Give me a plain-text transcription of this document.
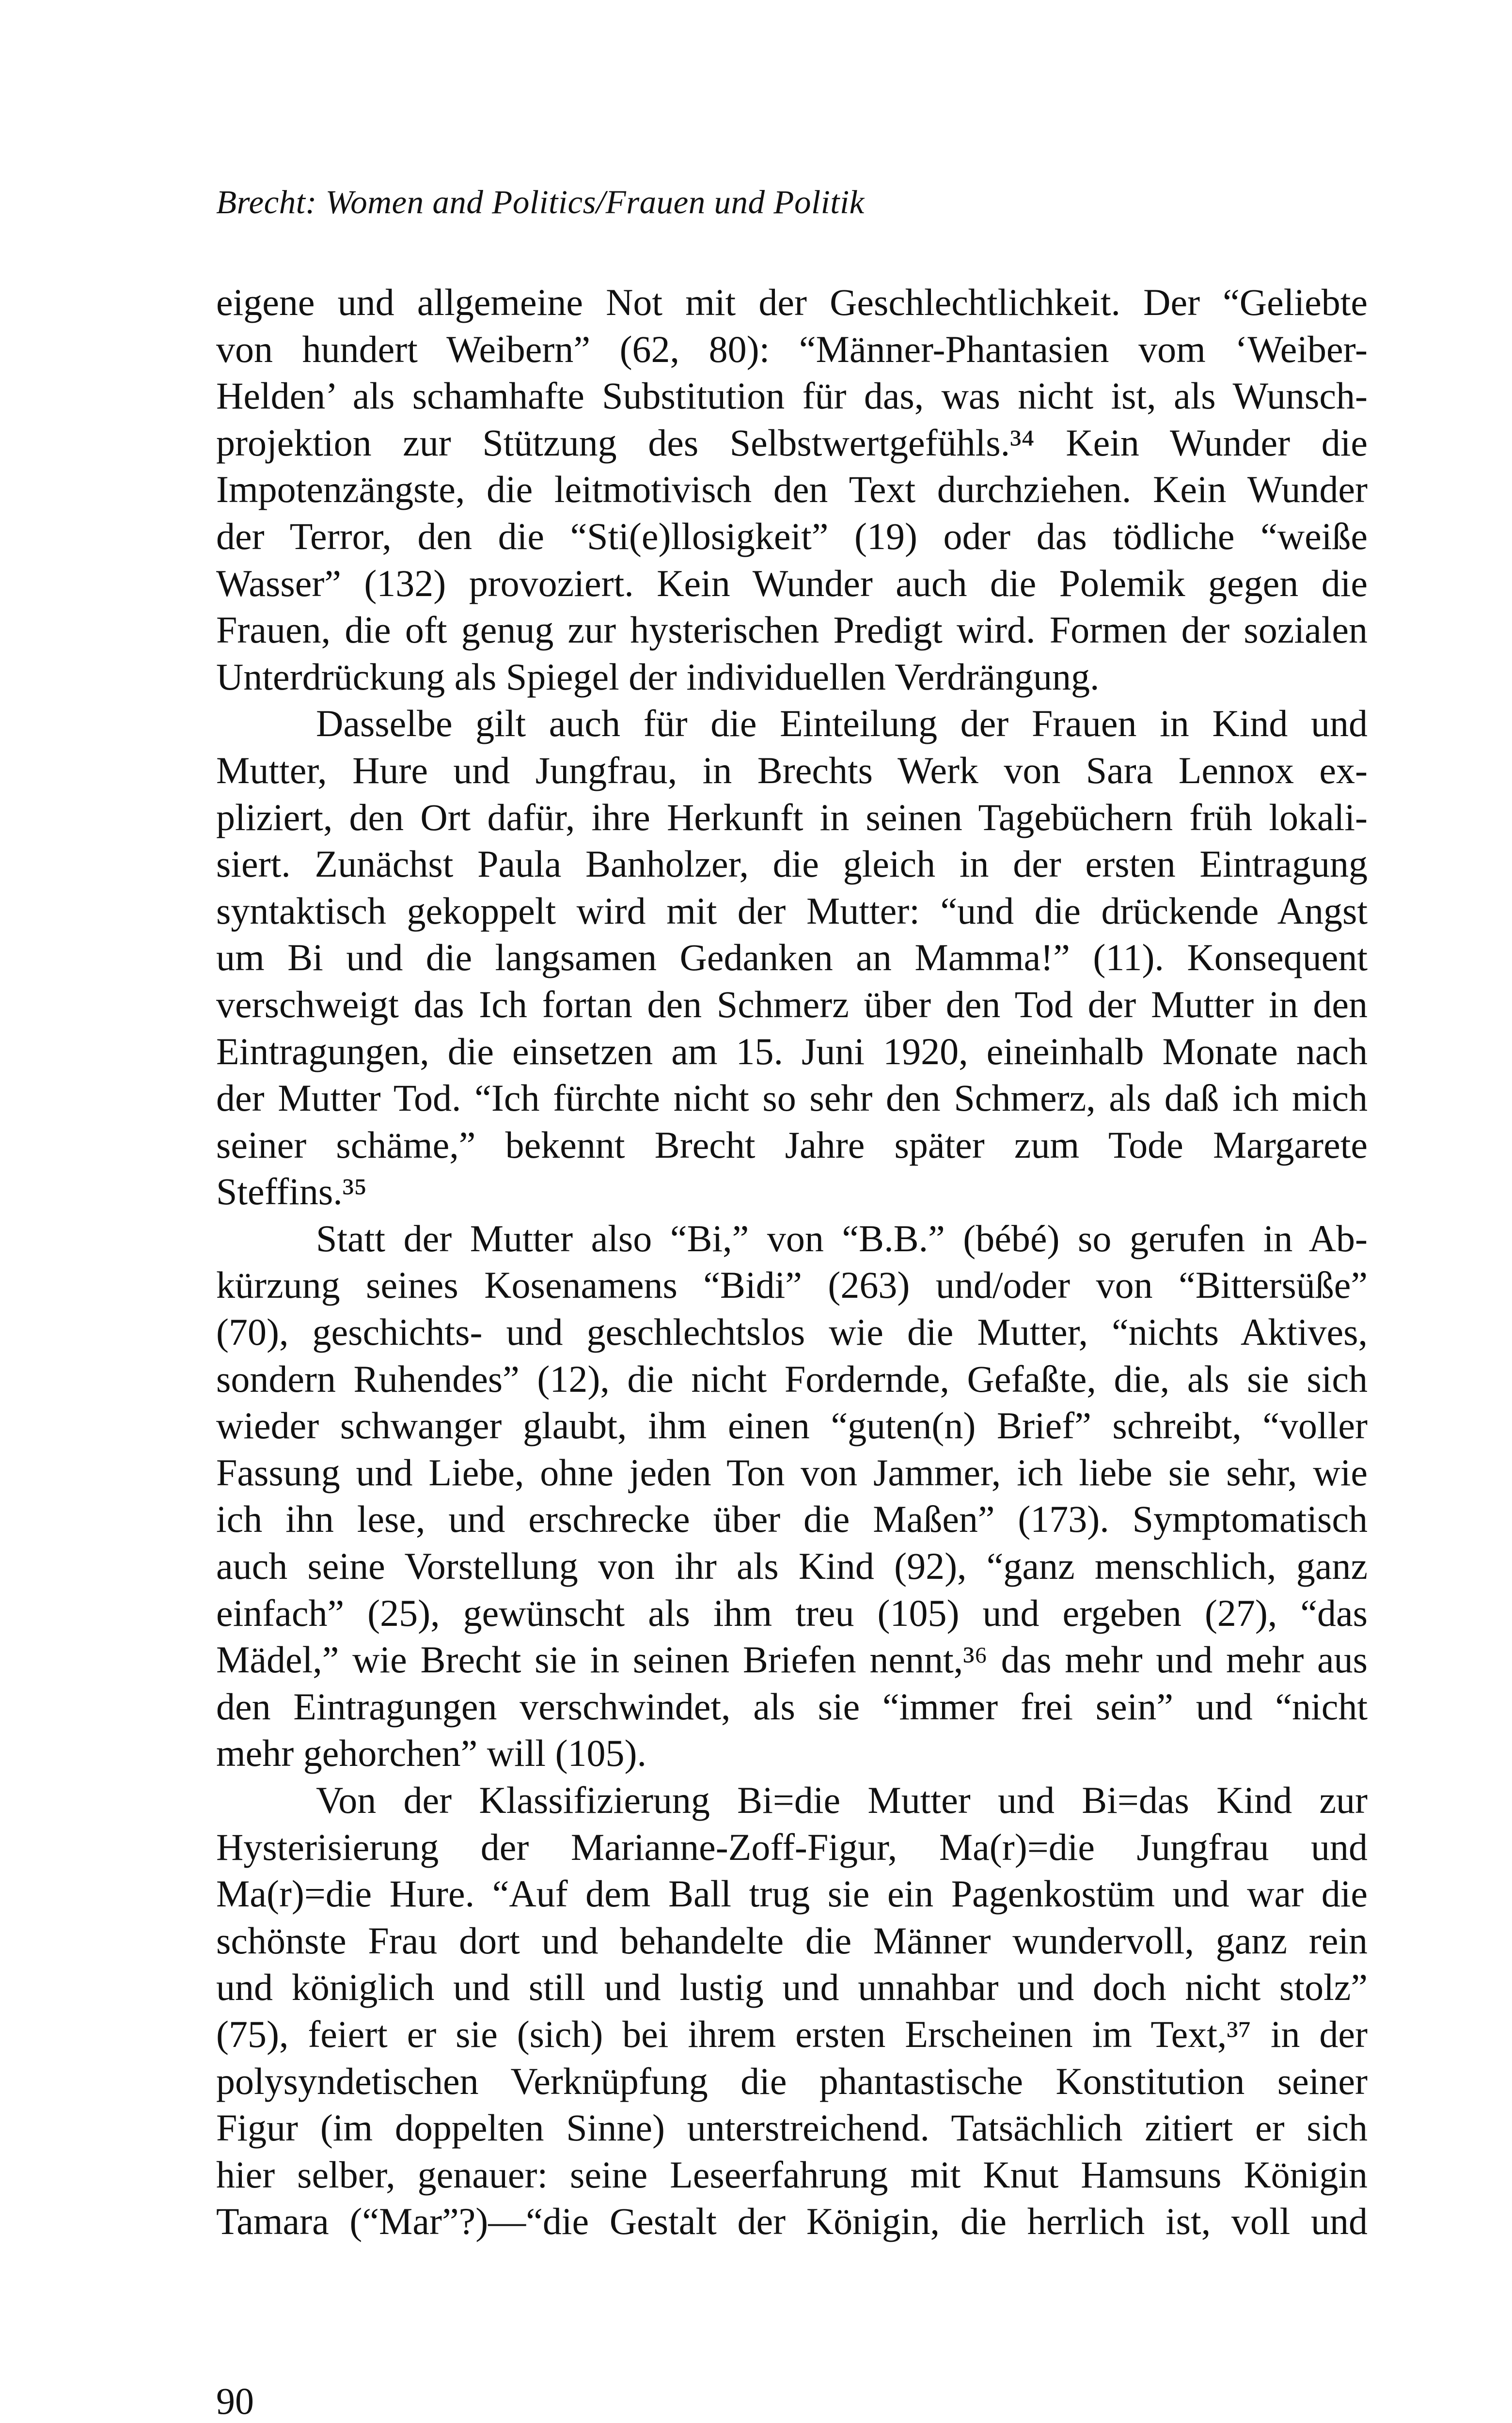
Brecht: Women and Politics/Frauen und Politik
eigene und allgemeine Not mit der Geschlechtlichkeit. Der “Geliebte
von hundert Weibern” (62, 80): “Männer-Phantasien vom ‘Weiber-
Helden’ als schamhafte Substitution für das, was nicht ist, als Wunsch-
projektion zur Stützung des Selbstwertgefühls.³⁴ Kein Wunder die
Impotenzängste, die leitmotivisch den Text durchziehen. Kein Wunder
der Terror, den die “Sti(e)llosigkeit” (19) oder das tödliche “weiße
Wasser” (132) provoziert. Kein Wunder auch die Polemik gegen die
Frauen, die oft genug zur hysterischen Predigt wird. Formen der sozialen
Unterdrückung als Spiegel der individuellen Verdrängung.
Dasselbe gilt auch für die Einteilung der Frauen in Kind und
Mutter, Hure und Jungfrau, in Brechts Werk von Sara Lennox ex-
pliziert, den Ort dafür, ihre Herkunft in seinen Tagebüchern früh lokali-
siert. Zunächst Paula Banholzer, die gleich in der ersten Eintragung
syntaktisch gekoppelt wird mit der Mutter: “und die drückende Angst
um Bi und die langsamen Gedanken an Mamma!” (11). Konsequent
verschweigt das Ich fortan den Schmerz über den Tod der Mutter in den
Eintragungen, die einsetzen am 15. Juni 1920, eineinhalb Monate nach
der Mutter Tod. “Ich fürchte nicht so sehr den Schmerz, als daß ich mich
seiner schäme,” bekennt Brecht Jahre später zum Tode Margarete
Steffins.³⁵
Statt der Mutter also “Bi,” von “B.B.” (bébé) so gerufen in Ab-
kürzung seines Kosenamens “Bidi” (263) und/oder von “Bittersüße”
(70), geschichts- und geschlechtslos wie die Mutter, “nichts Aktives,
sondern Ruhendes” (12), die nicht Fordernde, Gefaßte, die, als sie sich
wieder schwanger glaubt, ihm einen “guten(n) Brief” schreibt, “voller
Fassung und Liebe, ohne jeden Ton von Jammer, ich liebe sie sehr, wie
ich ihn lese, und erschrecke über die Maßen” (173). Symptomatisch
auch seine Vorstellung von ihr als Kind (92), “ganz menschlich, ganz
einfach” (25), gewünscht als ihm treu (105) und ergeben (27), “das
Mädel,” wie Brecht sie in seinen Briefen nennt,³⁶ das mehr und mehr aus
den Eintragungen verschwindet, als sie “immer frei sein” und “nicht
mehr gehorchen” will (105).
Von der Klassifizierung Bi=die Mutter und Bi=das Kind zur
Hysterisierung der Marianne-Zoff-Figur, Ma(r)=die Jungfrau und
Ma(r)=die Hure. “Auf dem Ball trug sie ein Pagenkostüm und war die
schönste Frau dort und behandelte die Männer wundervoll, ganz rein
und königlich und still und lustig und unnahbar und doch nicht stolz”
(75), feiert er sie (sich) bei ihrem ersten Erscheinen im Text,³⁷ in der
polysyndetischen Verknüpfung die phantastische Konstitution seiner
Figur (im doppelten Sinne) unterstreichend. Tatsächlich zitiert er sich
hier selber, genauer: seine Leseerfahrung mit Knut Hamsuns Königin
Tamara (“Mar”?)—“die Gestalt der Königin, die herrlich ist, voll und
90
